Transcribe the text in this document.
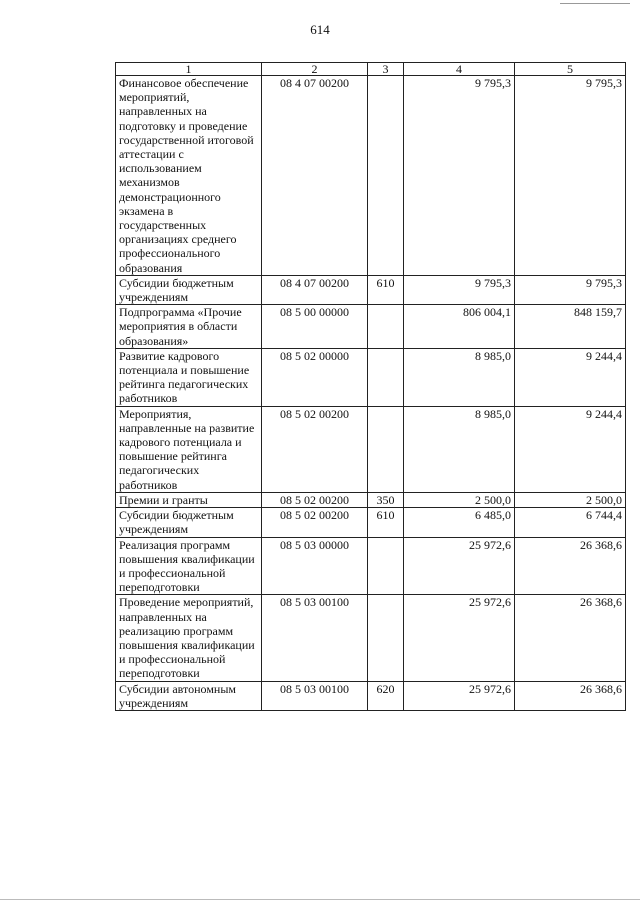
614
1	2	3	4	5
Финансовое обеспечение мероприятий, направленных на подготовку и проведение государственной итоговой аттестации с использованием механизмов демонстрационного экзамена в государственных организациях среднего профессионального образования	08 4 07 00200		9 795,3	9 795,3
Субсидии бюджетным учреждениям	08 4 07 00200	610	9 795,3	9 795,3
Подпрограмма «Прочие мероприятия в области образования»	08 5 00 00000		806 004,1	848 159,7
Развитие кадрового потенциала и повышение рейтинга педагогических работников	08 5 02 00000		8 985,0	9 244,4
Мероприятия, направленные на развитие кадрового потенциала и повышение рейтинга педагогических работников	08 5 02 00200		8 985,0	9 244,4
Премии и гранты	08 5 02 00200	350	2 500,0	2 500,0
Субсидии бюджетным учреждениям	08 5 02 00200	610	6 485,0	6 744,4
Реализация программ повышения квалификации и профессиональной переподготовки	08 5 03 00000		25 972,6	26 368,6
Проведение мероприятий, направленных на реализацию программ повышения квалификации и профессиональной переподготовки	08 5 03 00100		25 972,6	26 368,6
Субсидии автономным учреждениям	08 5 03 00100	620	25 972,6	26 368,6
